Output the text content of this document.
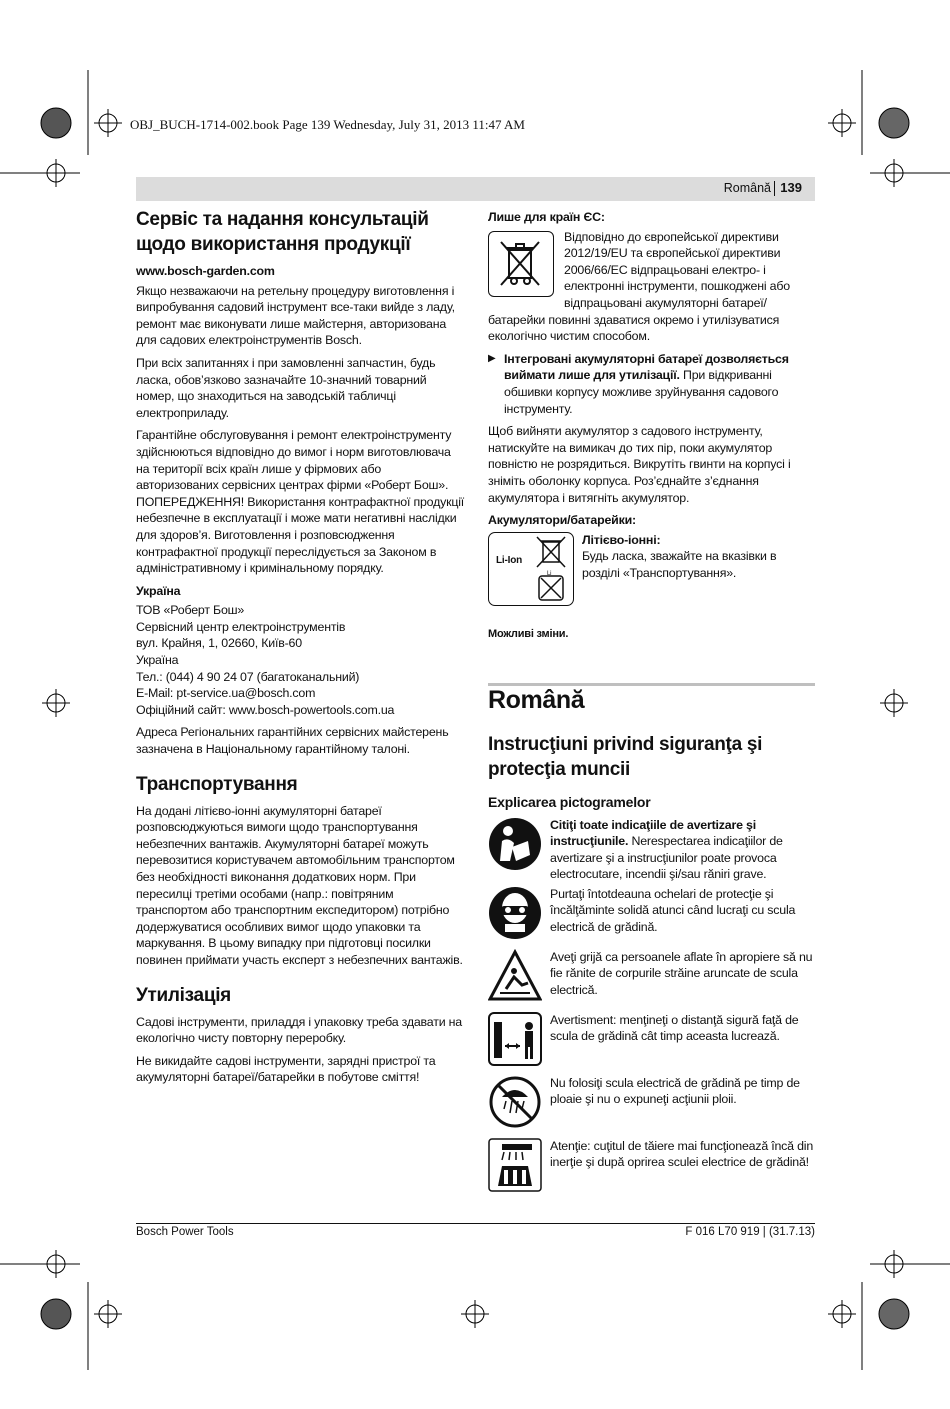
OBJ_BUCH-1714-002.book Page 139 Wednesday, July 31, 2013 11:47 AM
Română 139
Сервіс та надання консультацій щодо використання продукції
www.bosch-garden.com

Якщо незважаючи на ретельну процедуру виготовлення і випробування садовий інструмент все-таки вийде з ладу, ремонт має виконувати лише майстерня, авторизована для садових електроінструментів Bosch.

При всіх запитаннях і при замовленні запчастин, будь ласка, обов’язково зазначайте 10-значний товарний номер, що знаходиться на заводській табличці електроприладу.

Гарантійне обслуговування і ремонт електроінструменту здійснюються відповідно до вимог і норм виготовлювача на території всіх країн лише у фірмових або авторизованих сервісних центрах фірми «Роберт Бош». ПОПЕРЕДЖЕННЯ! Використання контрафактної продукції небезпечне в експлуатації і може мати негативні наслідки для здоров’я. Виготовлення і розповсюдження контрафактної продукції переслідується за Законом в адміністративному і кримінальному порядку.

Україна
ТОВ «Роберт Бош»
Сервісний центр електроінструментів
вул. Крайня, 1, 02660, Київ-60
Україна
Тел.: (044) 4 90 24 07 (багатоканальний)
E-Mail: pt-service.ua@bosch.com
Офіційний сайт: www.bosch-powertools.com.ua

Адреса Регіональних гарантійних сервісних майстерень зазначена в Національному гарантійному талоні.

Транспортування

На додані літієво-іонні акумуляторні батареї розповсюджуються вимоги щодо транспортування небезпечних вантажів. Акумуляторні батареї можуть перевозитися користувачем автомобільним транспортом без необхідності виконання додаткових норм. При пересилці третіми особами (напр.: повітряним транспортом або транспортним експедитором) потрібно додержуватися особливих вимог щодо упаковки та маркування. В цьому випадку при підготовці посилки повинен приймати участь експерт з небезпечних вантажів.

Утилізація

Садові інструменти, приладдя і упаковку треба здавати на екологічно чисту повторну переробку.

Не викидайте садові інструменти, зарядні пристрої та акумуляторні батареї/батарейки в побутове сміття!

Лише для країн ЄС:

Відповідно до європейської директиви 2012/19/EU та європейської директиви 2006/66/EC відпрацьовані електро- і електронні інструменти, пошкоджені або відпрацьовані акумуляторні батареї/батарейки повинні здаватися окремо і утилізуватися екологічно чистим способом.

▶ Інтегровані акумуляторні батареї дозволяється виймати лише для утилізації. При відкриванні обшивки корпусу можливе зруйнування садового інструменту.

Щоб вийняти акумулятор з садового інструменту, натискуйте на вимикач до тих пір, поки акумулятор повністю не розрядиться. Викрутіть гвинти на корпусі і зніміть оболонку корпуса. Роз’єднайте з’єднання акумулятора і витягніть акумулятор.

Акумулятори/батарейки:
Li-Ion
Li
Літієво-іонні:
Будь ласка, зважайте на вказівки в розділі «Транспортування».
Можливі зміни.
Română
Instrucţiuni privind siguranţa şi protecţia muncii
Explicarea pictogramelor
Citiţi toate indicaţiile de avertizare şi instrucţiunile. Nerespectarea indicaţiilor de avertizare şi a instrucţiunilor poate provoca electrocutare, incendii şi/sau răniri grave.
Purtaţi întotdeauna ochelari de protecţie şi încălţăminte solidă atunci când lucraţi cu scula electrică de grădină.
Aveţi grijă ca persoanele aflate în apropiere să nu fie rănite de corpurile străine aruncate de scula electrică.
Avertisment: menţineţi o distanţă sigură faţă de scula de grădină cât timp aceasta lucrează.
Nu folosiţi scula electrică de grădină pe timp de ploaie şi nu o expuneţi acţiunii ploii.
Atenţie: cuţitul de tăiere mai funcţionează încă din inerţie şi după oprirea sculei electrice de grădină!
Bosch Power Tools	F 016 L70 919 | (31.7.13)
